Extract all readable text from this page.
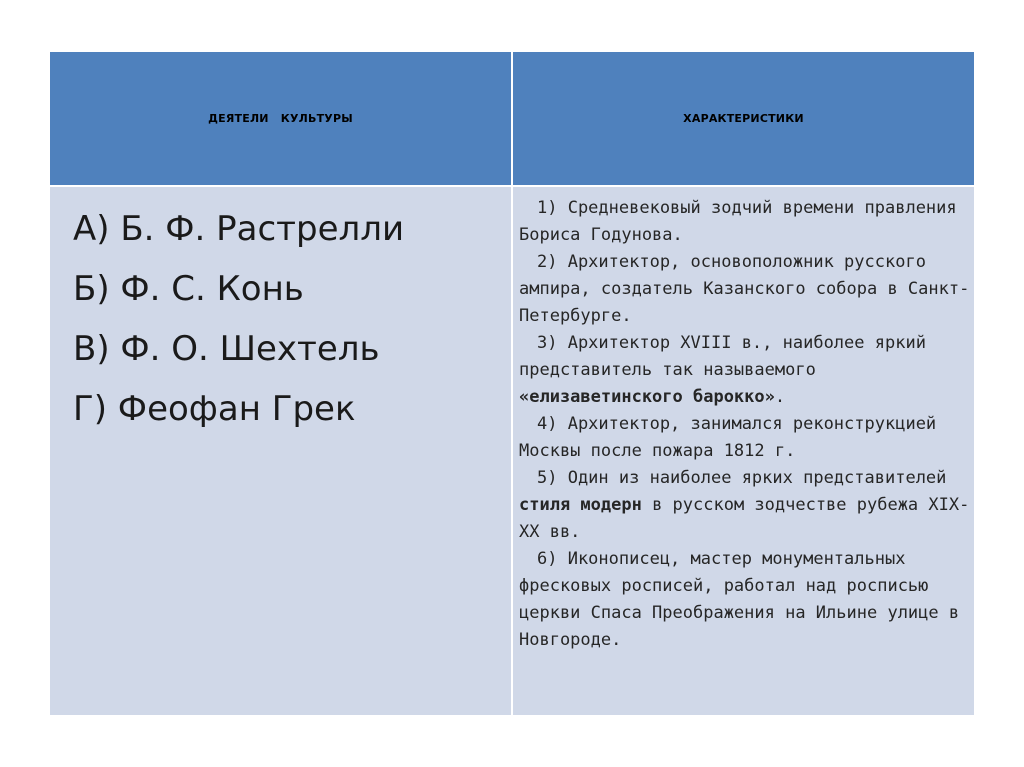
ДЕЯТЕЛИ   КУЛЬТУРЫ	ХАРАКТЕРИСТИКИ
А) Б. Ф. Растрелли
Б) Ф. С. Конь
В) Ф. О. Шехтель
Г) Феофан Грек

1) Средневековый зодчий времени правления Бориса Годунова.

2) Архитектор, основоположник русского ампира, создатель Казанского собора в Санкт-Петербурге.

3) Архитектор XVIII в., наиболее яркий представитель так называемого «елизаветинского барокко».

4) Архитектор, занимался реконструкцией Москвы после пожара 1812 г.

5) Один из наиболее ярких представителей стиля модерн в русском зодчестве рубежа XIX-XX вв.

6) Иконописец, мастер монументальных фресковых росписей, работал над росписью церкви Спаса Преображения на Ильине улице в Новгороде.
